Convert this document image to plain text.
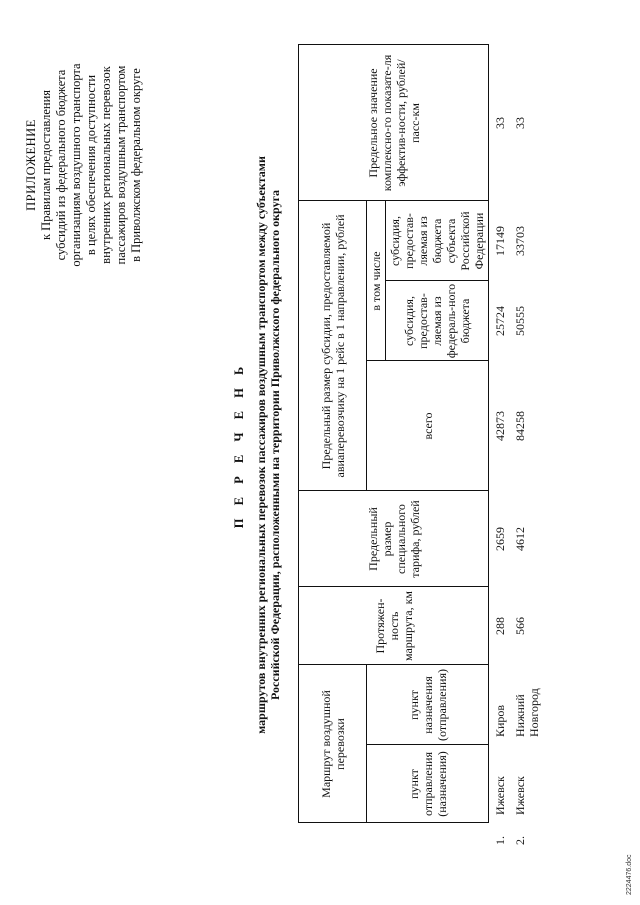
ПРИЛОЖЕНИЕ к Правилам предоставления субсидий из федерального бюджета организациям воздушного транспорта в целях обеспечения доступности внутренних региональных перевозок пассажиров воздушным транспортом в Приволжском федеральном округе
П Е Р Е Ч Е Н Ь маршрутов внутренних региональных перевозок пассажиров воздушным транспортом между субъектами Российской Федерации, расположенными на территории Приволжского федерального округа
	Маршрут воздушной перевозки		Протяжен-ность маршрута, км	Предельный размер специального тарифа, рублей	Предельный размер субсидии, предоставляемой авиаперевозчику на 1 рейс в 1 направлении, рублей			Предельное значение комплексно-го показате-ля эффектив-ности, рублей/ пасс-км
	пункт отправления (назначения)	пункт назначения (отправления)			всего	в том числе		
						субсидия, предостав-ляемая из федераль-ного бюджета	субсидия, предостав-ляемая из бюджета субъекта Российской Федерации	
1.	Ижевск	Киров	288	2659	42873	25724	17149	33
2.	Ижевск	Нижний Новгород	566	4612	84258	50555	33703	33
2224476.doc
